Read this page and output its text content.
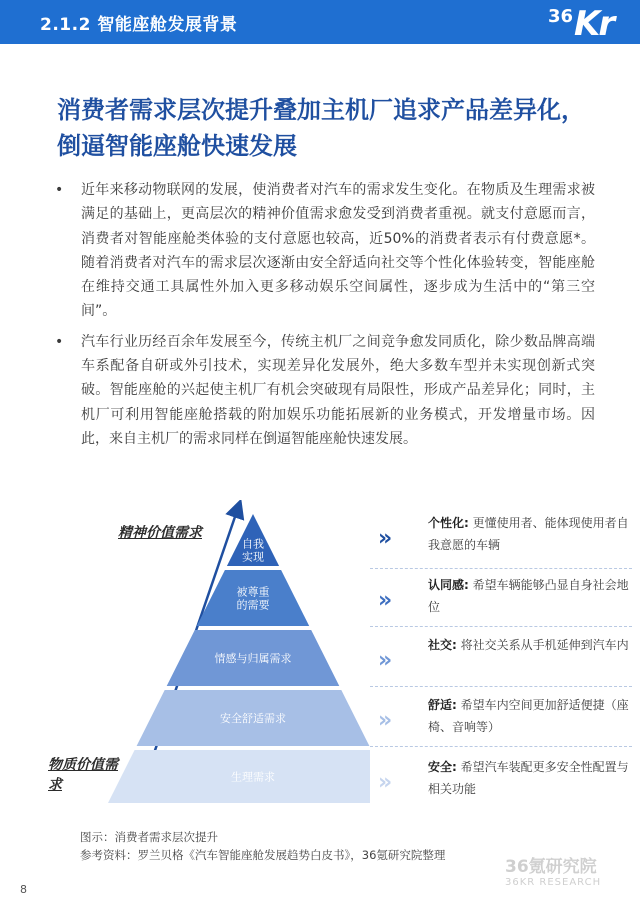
2.1.2 智能座舱发展背景	36 Kr
消费者需求层次提升叠加主机厂追求产品差异化，倒逼智能座舱快速发展
• 近年来移动物联网的发展，使消费者对汽车的需求发生变化。在物质及生理需求被满足的基础上，更高层次的精神价值需求愈发受到消费者重视。就支付意愿而言，消费者对智能座舱类体验的支付意愿也较高，近50%的消费者表示有付费意愿*。随着消费者对汽车的需求层次逐渐由安全舒适向社交等个性化体验转变，智能座舱在维持交通工具属性外加入更多移动娱乐空间属性，逐步成为生活中的“第三空间”。
• 汽车行业历经百余年发展至今，传统主机厂之间竞争愈发同质化，除少数品牌高端车系配备自研或外引技术，实现差异化发展外，绝大多数车型并未实现创新式突破。智能座舱的兴起使主机厂有机会突破现有局限性，形成产品差异化；同时，主机厂可利用智能座舱搭载的附加娱乐功能拓展新的业务模式，开发增量市场。因此，来自主机厂的需求同样在倒逼智能座舱快速发展。
精神价值需求
物质价值需求
自我
实现
被尊重
的需要
情感与归属需求
安全舒适需求
生理需求
»
个性化: 更懂使用者、能体现使用者自我意愿的车辆
»
认同感: 希望车辆能够凸显自身社会地位
»
社交: 将社交关系从手机延伸到汽车内
»
舒适: 希望车内空间更加舒适便捷（座椅、音响等）
»
安全: 希望汽车装配更多安全性配置与相关功能
图示：消费者需求层次提升
参考资料：罗兰贝格《汽车智能座舱发展趋势白皮书》，36氪研究院整理
36氪研究院
36KR RESEARCH
8
